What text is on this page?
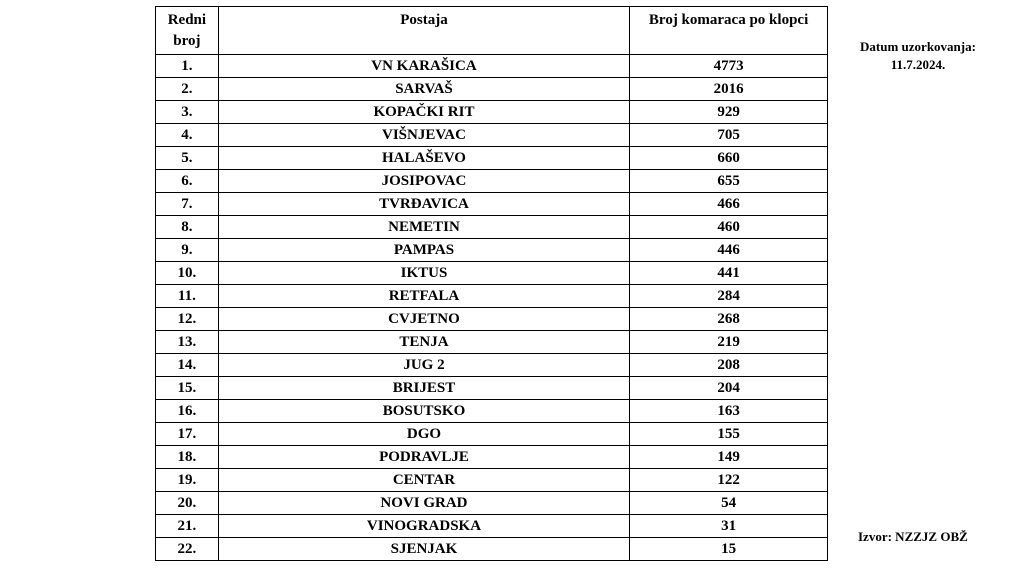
Redni broj	Postaja	Broj komaraca po klopci
1.	VN KARAŠICA	4773
2.	SARVAŠ	2016
3.	KOPAČKI RIT	929
4.	VIŠNJEVAC	705
5.	HALAŠEVO	660
6.	JOSIPOVAC	655
7.	TVRĐAVICA	466
8.	NEMETIN	460
9.	PAMPAS	446
10.	IKTUS	441
11.	RETFALA	284
12.	CVJETNO	268
13.	TENJA	219
14.	JUG 2	208
15.	BRIJEST	204
16.	BOSUTSKO	163
17.	DGO	155
18.	PODRAVLJE	149
19.	CENTAR	122
20.	NOVI GRAD	54
21.	VINOGRADSKA	31
22.	SJENJAK	15
Datum uzorkovanja:
11.7.2024.
Izvor: NZZJZ OBŽ
